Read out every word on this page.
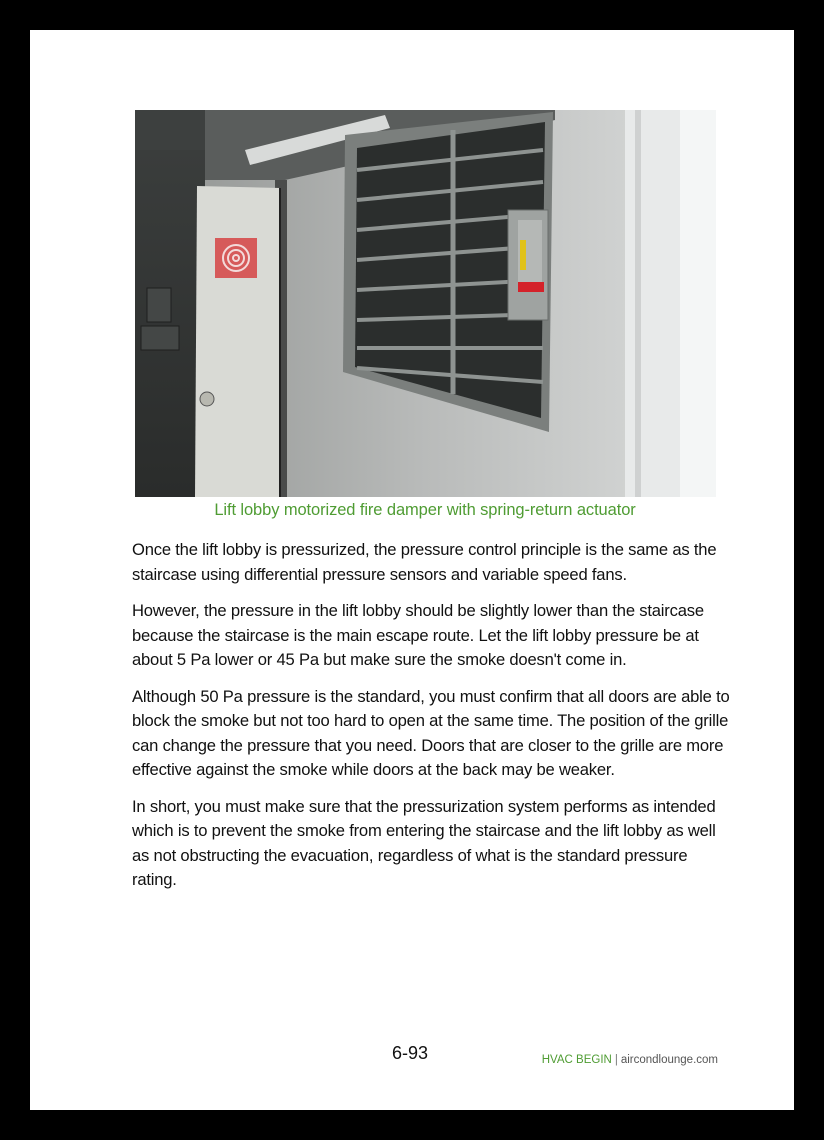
Lift lobby motorized fire damper with spring-return actuator

Once the lift lobby is pressurized, the pressure control principle is the same as the staircase using differential pressure sensors and variable speed fans.

However, the pressure in the lift lobby should be slightly lower than the staircase because the staircase is the main escape route. Let the lift lobby pressure be at about 5 Pa lower or 45 Pa but make sure the smoke doesn't come in.

Although 50 Pa pressure is the standard, you must confirm that all doors are able to block the smoke but not too hard to open at the same time. The position of the grille can change the pressure that you need. Doors that are closer to the grille are more effective against the smoke while doors at the back may be weaker.

In short, you must make sure that the pressurization system performs as intended which is to prevent the smoke from entering the staircase and the lift lobby as well as not obstructing the evacuation, regardless of what is the standard pressure rating.

6-93	HVAC BEGIN | aircondlounge.com
